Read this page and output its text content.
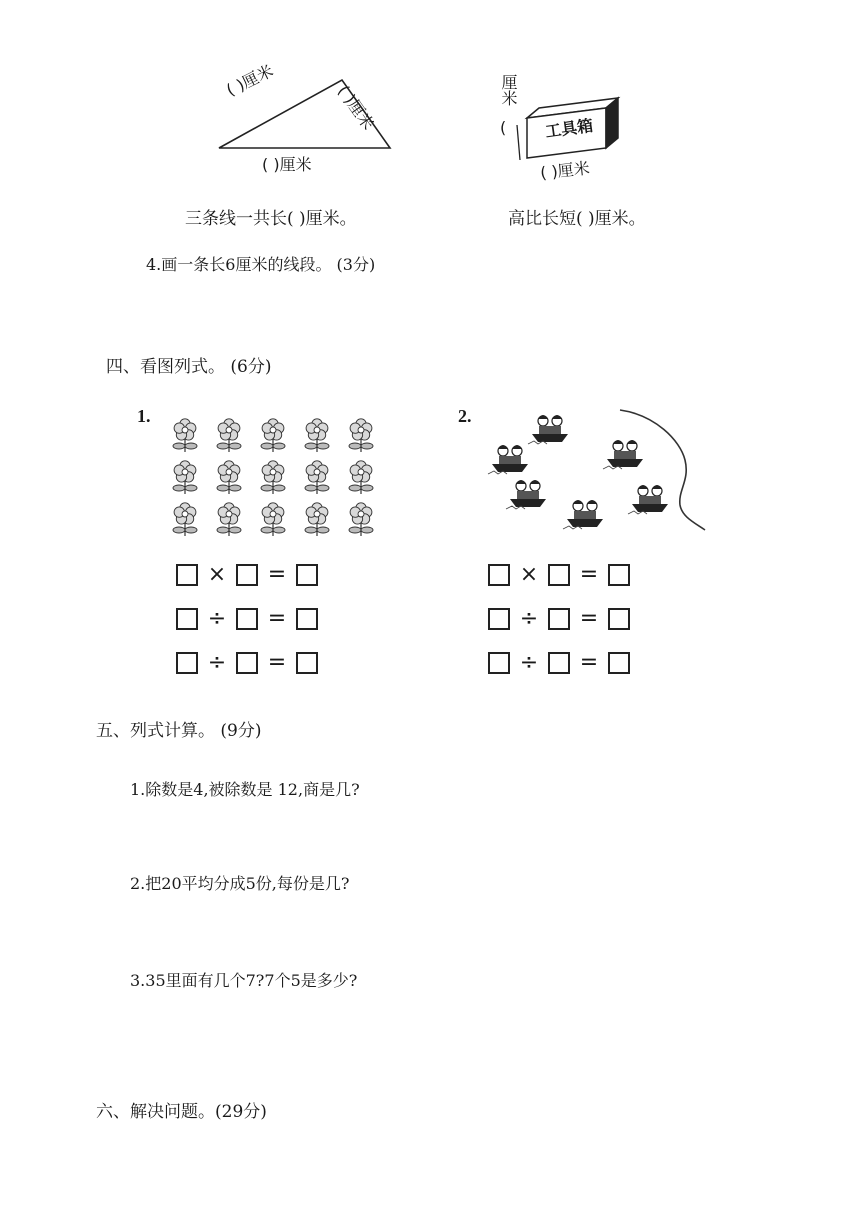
( )厘米
( )厘米
( )厘米
三条线一共长( )厘米。
工具箱
厘米
(
( )厘米
高比长短( )厘米。
4.画一条长6厘米的线段。 (3分)
四、看图列式。 (6分)
1.	2.
× =
÷ =
÷ =
× =
÷ =
÷ =
五、列式计算。 (9分)
1.除数是4,被除数是 12,商是几?
2.把20平均分成5份,每份是几?
3.35里面有几个7?7个5是多少?
六、解决问题。(29分)
